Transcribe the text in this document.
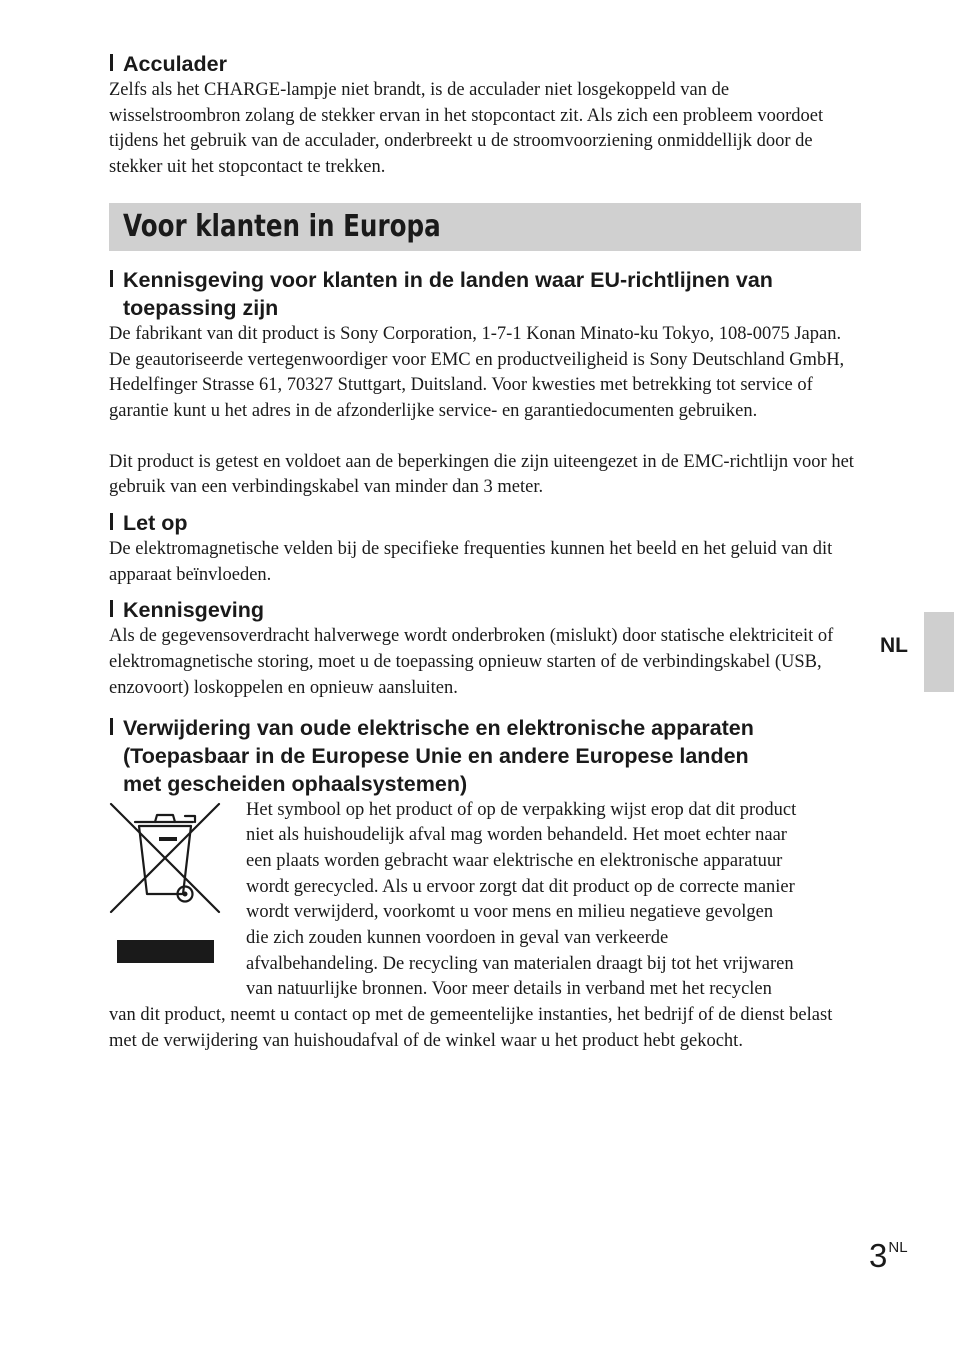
Acculader

Zelfs als het CHARGE-lampje niet brandt, is de acculader niet losgekoppeld van de wisselstroombron zolang de stekker ervan in het stopcontact zit. Als zich een probleem voordoet tijdens het gebruik van de acculader, onderbreekt u de stroomvoorziening onmiddellijk door de stekker uit het stopcontact te trekken.

Voor klanten in Europa
Kennisgeving voor klanten in de landen waar EU-richtlijnen van
toepassing zijn

De fabrikant van dit product is Sony Corporation, 1-7-1 Konan Minato-ku Tokyo, 108-0075 Japan. De geautoriseerde vertegenwoordiger voor EMC en productveiligheid is Sony Deutschland GmbH, Hedelfinger Strasse 61, 70327 Stuttgart, Duitsland. Voor kwesties met betrekking tot service of garantie kunt u het adres in de afzonderlijke service- en garantiedocumenten gebruiken.

Dit product is getest en voldoet aan de beperkingen die zijn uiteengezet in de EMC-richtlijn voor het gebruik van een verbindingskabel van minder dan 3 meter.

Let op

De elektromagnetische velden bij de specifieke frequenties kunnen het beeld en het geluid van dit apparaat beïnvloeden.

Kennisgeving

Als de gegevensoverdracht halverwege wordt onderbroken (mislukt) door statische elektriciteit of elektromagnetische storing, moet u de toepassing opnieuw starten of de verbindingskabel (USB, enzovoort) loskoppelen en opnieuw aansluiten.

Verwijdering van oude elektrische en elektronische apparaten
(Toepasbaar in de Europese Unie en andere Europese landen
met gescheiden ophaalsystemen)

Het symbool op het product of op de verpakking wijst erop dat dit product

niet als huishoudelijk afval mag worden behandeld. Het moet echter naar

een plaats worden gebracht waar elektrische en elektronische apparatuur

wordt gerecycled. Als u ervoor zorgt dat dit product op de correcte manier

wordt verwijderd, voorkomt u voor mens en milieu negatieve gevolgen

die zich zouden kunnen voordoen in geval van verkeerde

afvalbehandeling. De recycling van materialen draagt bij tot het vrijwaren

van natuurlijke bronnen. Voor meer details in verband met het recyclen

van dit product, neemt u contact op met de gemeentelijke instanties, het bedrijf of de dienst belast met de verwijdering van huishoudafval of de winkel waar u het product hebt gekocht.

NL
3NL
